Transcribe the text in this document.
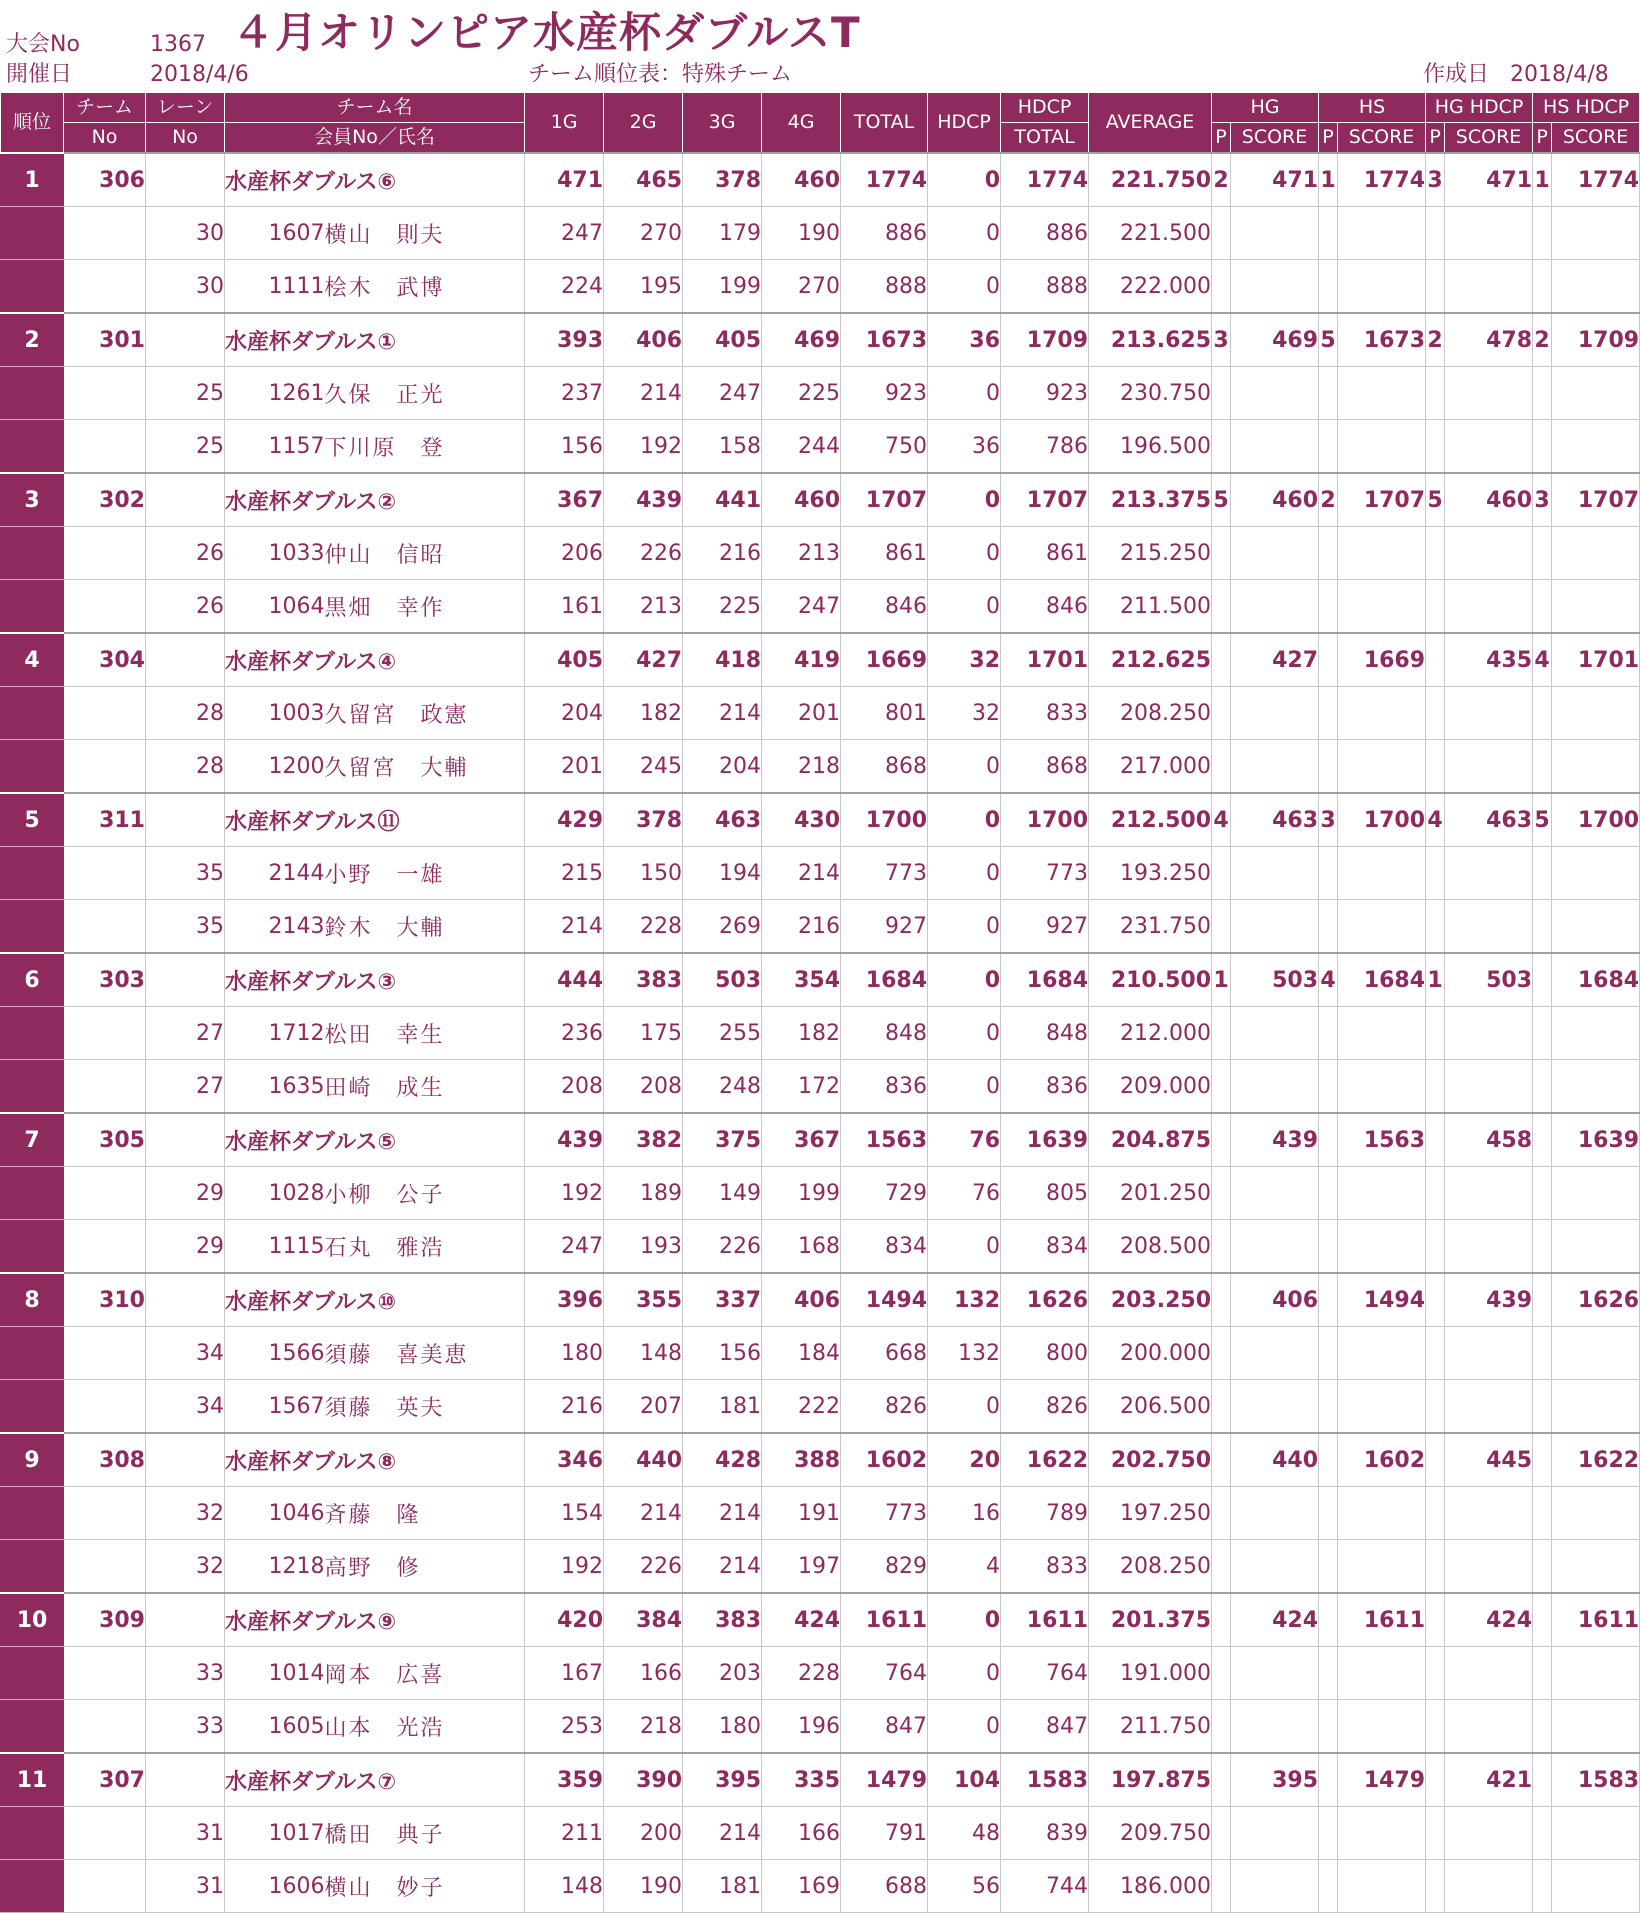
大会No	1367 ４月オリンピア水産杯ダブルスT
開催日	2018/4/6	チーム順位表：特殊チーム	作成日 2018/4/8
順位	チーム	レーン	チーム名		1G	2G	3G	4G	TOTAL	HDCP	HDCP	AVERAGE	HG		HS		HG HDCP		HS HDCP	
	No	No	会員No／氏名								TOTAL		P	SCORE	P	SCORE	P	SCORE	P	SCORE
1	306		水産杯ダブルス⑥		471	465	378	460	1774	0	1774	221.750	2	471	1	1774	3	471	1	1774
		30	1607	横山　則夫	247	270	179	190	886	0	886	221.500								
		30	1111	桧木　武博	224	195	199	270	888	0	888	222.000								
2	301		水産杯ダブルス①		393	406	405	469	1673	36	1709	213.625	3	469	5	1673	2	478	2	1709
		25	1261	久保　正光	237	214	247	225	923	0	923	230.750								
		25	1157	下川原　登	156	192	158	244	750	36	786	196.500								
3	302		水産杯ダブルス②		367	439	441	460	1707	0	1707	213.375	5	460	2	1707	5	460	3	1707
		26	1033	仲山　信昭	206	226	216	213	861	0	861	215.250								
		26	1064	黒畑　幸作	161	213	225	247	846	0	846	211.500								
4	304		水産杯ダブルス④		405	427	418	419	1669	32	1701	212.625		427		1669		435	4	1701
		28	1003	久留宮　政憲	204	182	214	201	801	32	833	208.250								
		28	1200	久留宮　大輔	201	245	204	218	868	0	868	217.000								
5	311		水産杯ダブルス⑪		429	378	463	430	1700	0	1700	212.500	4	463	3	1700	4	463	5	1700
		35	2144	小野　一雄	215	150	194	214	773	0	773	193.250								
		35	2143	鈴木　大輔	214	228	269	216	927	0	927	231.750								
6	303		水産杯ダブルス③		444	383	503	354	1684	0	1684	210.500	1	503	4	1684	1	503		1684
		27	1712	松田　幸生	236	175	255	182	848	0	848	212.000								
		27	1635	田崎　成生	208	208	248	172	836	0	836	209.000								
7	305		水産杯ダブルス⑤		439	382	375	367	1563	76	1639	204.875		439		1563		458		1639
		29	1028	小柳　公子	192	189	149	199	729	76	805	201.250								
		29	1115	石丸　雅浩	247	193	226	168	834	0	834	208.500								
8	310		水産杯ダブルス⑩		396	355	337	406	1494	132	1626	203.250		406		1494		439		1626
		34	1566	須藤　喜美恵	180	148	156	184	668	132	800	200.000								
		34	1567	須藤　英夫	216	207	181	222	826	0	826	206.500								
9	308		水産杯ダブルス⑧		346	440	428	388	1602	20	1622	202.750		440		1602		445		1622
		32	1046	斉藤　隆	154	214	214	191	773	16	789	197.250								
		32	1218	高野　修	192	226	214	197	829	4	833	208.250								
10	309		水産杯ダブルス⑨		420	384	383	424	1611	0	1611	201.375		424		1611		424		1611
		33	1014	岡本　広喜	167	166	203	228	764	0	764	191.000								
		33	1605	山本　光浩	253	218	180	196	847	0	847	211.750								
11	307		水産杯ダブルス⑦		359	390	395	335	1479	104	1583	197.875		395		1479		421		1583
		31	1017	橋田　典子	211	200	214	166	791	48	839	209.750								
		31	1606	横山　妙子	148	190	181	169	688	56	744	186.000								
